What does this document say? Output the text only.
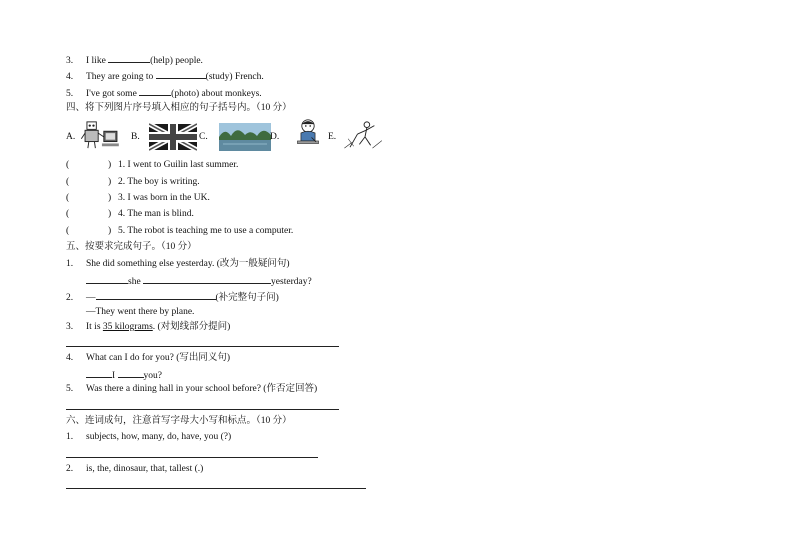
3. I like	(help) people.
4. They are going to	(study) French.
5. I've got some	(photo) about monkeys.
四、将下列图片序号填入相应的句子括号内。（10 分）
A.	B.	C.	D.	E.
(	) 1. I went to Guilin last summer.
(	) 2. The boy is writing.
(	) 3. I was born in the UK.
(	) 4. The man is blind.
(	) 5. The robot is teaching me to use a computer.
五、按要求完成句子。（10 分）
1. She did something else yesterday. (改为一般疑问句)
she	yesterday?
2. —	(补完整句子问)
—They went there by plane.
3. It is 35 kilograms. (对划线部分提问)
4. What can I do for you? (写出同义句)
I	you?
5. Was there a dining hall in your school before? (作否定回答)
六、连词成句，注意首写字母大小写和标点。（10 分）
1. subjects, how, many, do, have, you (?)
2. is, the, dinosaur, that, tallest (.)
